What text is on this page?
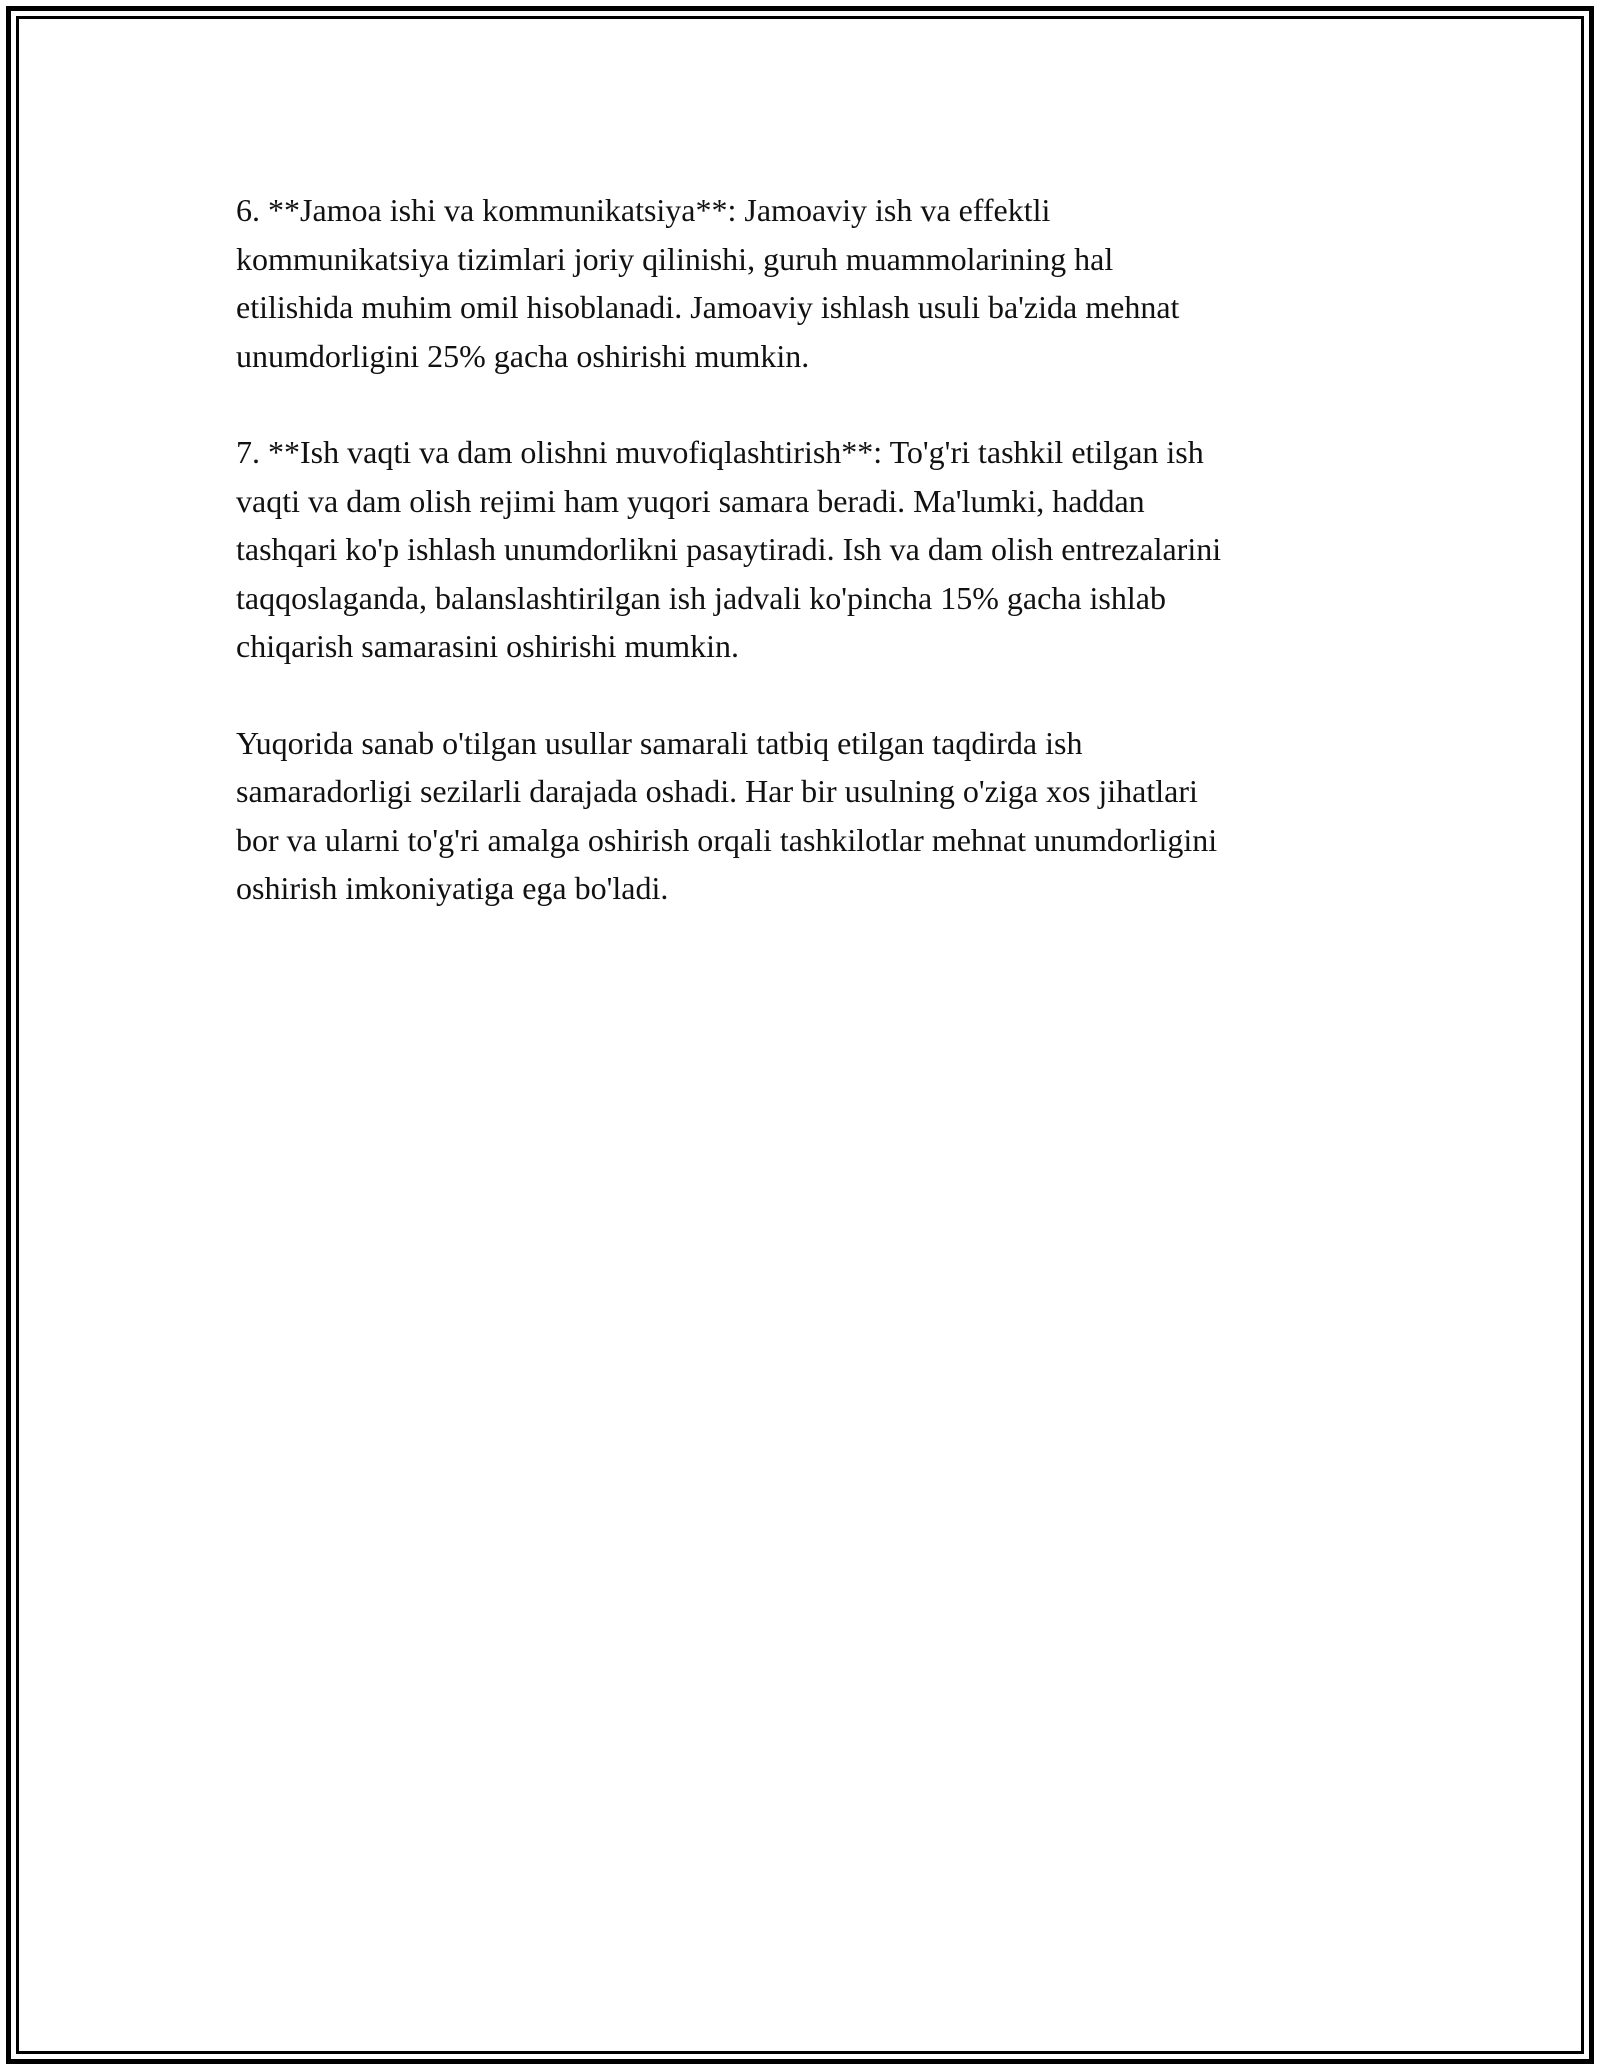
6. **Jamoa ishi va kommunikatsiya**: Jamoaviy ish va effektli
kommunikatsiya tizimlari joriy qilinishi, guruh muammolarining hal
etilishida muhim omil hisoblanadi. Jamoaviy ishlash usuli ba'zida mehnat
unumdorligini 25% gacha oshirishi mumkin.

7. **Ish vaqti va dam olishni muvofiqlashtirish**: To'g'ri tashkil etilgan ish
vaqti va dam olish rejimi ham yuqori samara beradi. Ma'lumki, haddan
tashqari ko'p ishlash unumdorlikni pasaytiradi. Ish va dam olish entrezalarini
taqqoslaganda, balanslashtirilgan ish jadvali ko'pincha 15% gacha ishlab
chiqarish samarasini oshirishi mumkin.

Yuqorida sanab o'tilgan usullar samarali tatbiq etilgan taqdirda ish
samaradorligi sezilarli darajada oshadi. Har bir usulning o'ziga xos jihatlari
bor va ularni to'g'ri amalga oshirish orqali tashkilotlar mehnat unumdorligini
oshirish imkoniyatiga ega bo'ladi.
